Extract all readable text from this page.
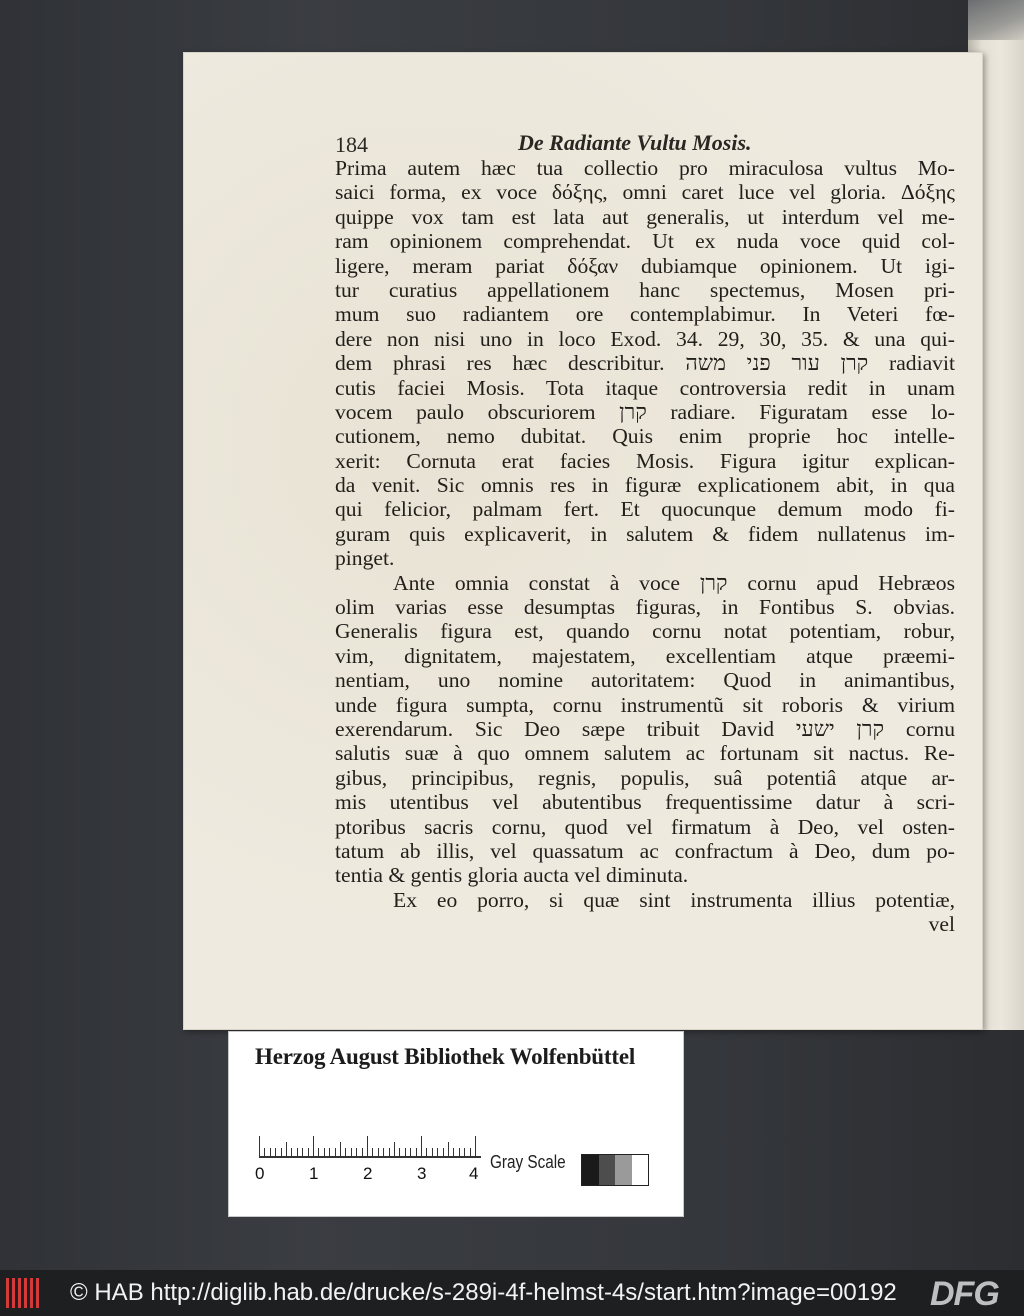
184	De Radiante Vultu Mosis.
Prima autem hæc tua collectio pro miraculosa vultus Mo-
saici forma, ex voce δόξης, omni caret luce vel gloria. Δόξης
quippe vox tam est lata aut generalis, ut interdum vel me-
ram opinionem comprehendat. Ut ex nuda voce quid col-
ligere, meram pariat δόξαν dubiamque opinionem. Ut igi-
tur curatius appellationem hanc spectemus, Mosen pri-
mum suo radiantem ore contemplabimur. In Veteri fœ-
dere non nisi uno in loco Exod. 34. 29, 30, 35. & una qui-
dem phrasi res hæc describitur. קרן עור פני משה radiavit
cutis faciei Mosis. Tota itaque controversia redit in unam
vocem paulo obscuriorem קרן radiare. Figuratam esse lo-
cutionem, nemo dubitat. Quis enim proprie hoc intelle-
xerit: Cornuta erat facies Mosis. Figura igitur explican-
da venit. Sic omnis res in figuræ explicationem abit, in qua
qui felicior, palmam fert. Et quocunque demum modo fi-
guram quis explicaverit, in salutem & fidem nullatenus im-
pinget.
Ante omnia constat à voce קרן cornu apud Hebræos
olim varias esse desumptas figuras, in Fontibus S. obvias.
Generalis figura est, quando cornu notat potentiam, robur,
vim, dignitatem, majestatem, excellentiam atque præemi-
nentiam, uno nomine autoritatem: Quod in animantibus,
unde figura sumpta, cornu instrumentũ sit roboris & virium
exerendarum. Sic Deo sæpe tribuit David קרן ישעי cornu
salutis suæ à quo omnem salutem ac fortunam sit nactus. Re-
gibus, principibus, regnis, populis, suâ potentiâ atque ar-
mis utentibus vel abutentibus frequentissime datur à scri-
ptoribus sacris cornu, quod vel firmatum à Deo, vel osten-
tatum ab illis, vel quassatum ac confractum à Deo, dum po-
tentia & gentis gloria aucta vel diminuta.
Ex eo porro, si quæ sint instrumenta illius potentiæ,
vel
Herzog August Bibliothek Wolfenbüttel
0	1	2	3	4
Gray Scale
© HAB http://diglib.hab.de/drucke/s-289i-4f-helmst-4s/start.htm?image=00192 DFG
